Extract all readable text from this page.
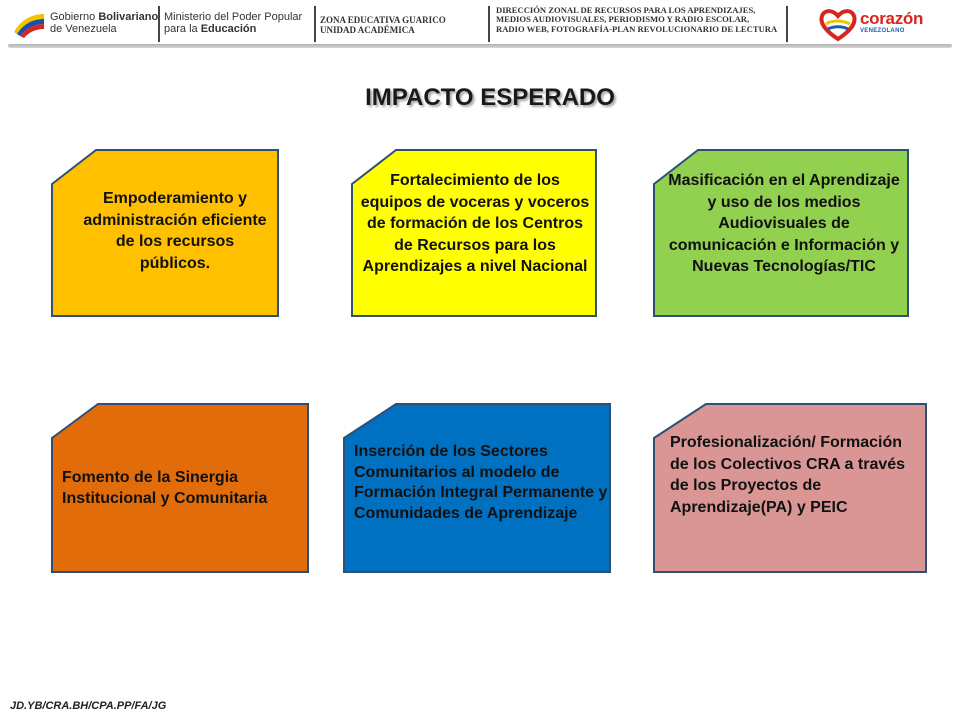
Gobierno Bolivariano
de Venezuela
Ministerio del Poder Popular
para la Educación
ZONA EDUCATIVA GUARICO
UNIDAD ACADÉMICA
DIRECCIÓN ZONAL DE RECURSOS PARA LOS APRENDIZAJES,
MEDIOS AUDIOVISUALES, PERIODISMO Y RADIO ESCOLAR,
RADIO WEB, FOTOGRAFÍA-PLAN REVOLUCIONARIO DE LECTURA
corazón
VENEZOLANO
IMPACTO ESPERADO
Empoderamiento y administración eficiente de los recursos públicos.
Fortalecimiento de los equipos de voceras y voceros de formación de los Centros de Recursos para los Aprendizajes a nivel Nacional
Masificación en el Aprendizaje y uso de los medios Audiovisuales de comunicación e Información y Nuevas Tecnologías/TIC
Fomento de la Sinergia Institucional y Comunitaria
Inserción de los Sectores Comunitarios al modelo de Formación Integral Permanente y Comunidades de Aprendizaje
Profesionalización/ Formación de los Colectivos CRA a través de los Proyectos de Aprendizaje(PA) y PEIC
JD.YB/CRA.BH/CPA.PP/FA/JG
